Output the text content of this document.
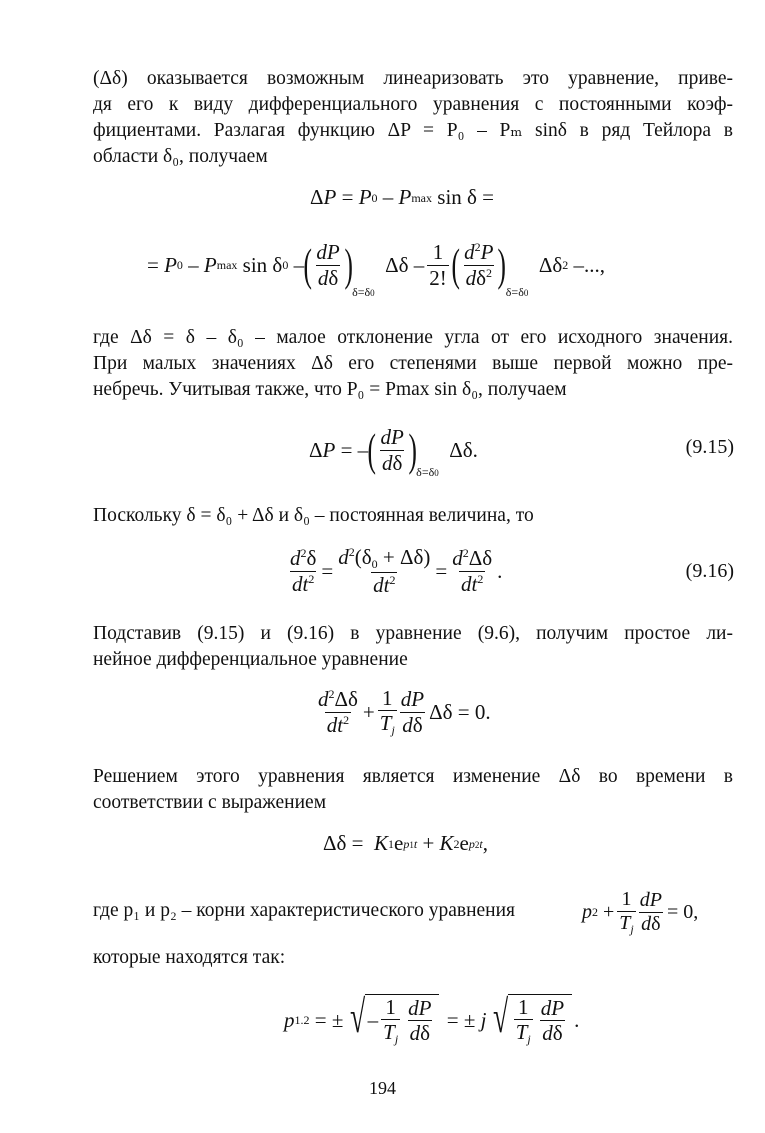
(Δδ) оказывается возможным линеаризовать это уравнение, приве-
дя его к виду дифференциального уравнения с постоянными коэф-
фициентами. Разлагая функцию ΔP = P₀ – Pₘ sinδ в ряд Тейлора в
области δ₀, получаем
Δ P = P 0 – P max sin δ =
= P 0 – P max sin δ 0 – ( $\frac{dP}{d\delta}$ )
δ=δ0
Δδ – $\frac{1}{2!}$ ( $\frac{d^2P}{d\delta^2}$ )
δ=δ0
Δδ 2 –...,
где Δδ = δ – δ₀ – малое отклонение угла от его исходного значения.
При малых значениях Δδ его степенями выше первой можно пре-
небречь. Учитывая также, что P₀ = Pmax sin δ₀, получаем
Δ P = – ( $\frac{dP}{d\delta}$ ) δ=δ0
Δδ.	(9.15)
Поскольку δ = δ₀ + Δδ и δ₀ – постоянная величина, то
$\frac{d^2\delta}{dt^2} = \frac{d^2(\delta_0 + \Delta\delta)}{dt^2} = \frac{d^2\Delta\delta}{dt^2}$ .	(9.16)
Подставив (9.15) и (9.16) в уравнение (9.6), получим простое ли-
нейное дифференциальное уравнение
$\frac{d^2\Delta\delta}{dt^2} + \frac{1}{T_j} \frac{dP}{d\delta}$ Δδ = 0.
Решением этого уравнения является изменение Δδ во времени в
соответствии с выражением
Δδ = K 1 e p1t + K 2 e p2t ,
где p₁ и p₂ – корни характеристического уравнения	p $2 + \frac{1}{T_j} \frac{dP}{d\delta} = 0$,
которые находятся так:
p 1.2 = ± √ – $\frac{1}{T_j} \frac{dP}{d\delta}$ = ± j √ $\frac{1}{T_j} \frac{dP}{d\delta}$ .
194
